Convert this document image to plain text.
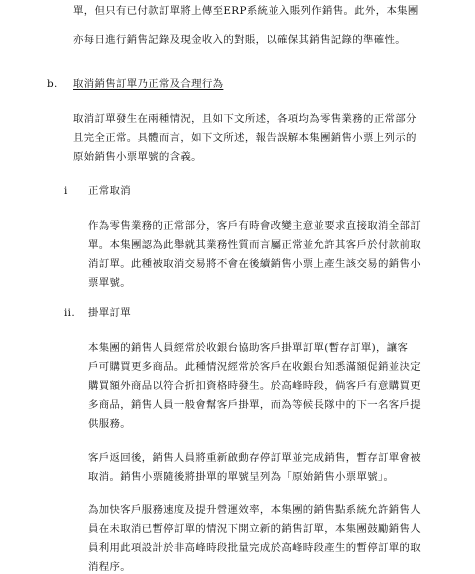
單，但只有已付款訂單將上傳至ERP系統並入賬列作銷售。此外，本集團
亦每日進行銷售記錄及現金收入的對賬，以確保其銷售記錄的準確性。
b. 取消銷售訂單乃正常及合理行為
取消訂單發生在兩種情況，且如下文所述，各項均為零售業務的正常部分
且完全正常。具體而言，如下文所述，報告誤解本集團銷售小票上列示的
原始銷售小票單號的含義。
i 正常取消
作為零售業務的正常部分，客戶有時會改變主意並要求直接取消全部訂
單。本集團認為此舉就其業務性質而言屬正常並允許其客戶於付款前取
消訂單。此種被取消交易將不會在後續銷售小票上產生該交易的銷售小
票單號。
ii. 掛單訂單
本集團的銷售人員經常於收銀台協助客戶掛單訂單(暫存訂單)，讓客
戶可購買更多商品。此種情況經常於客戶在收銀台知悉滿額促銷並決定
購買額外商品以符合折扣資格時發生。於高峰時段，倘客戶有意購買更
多商品，銷售人員一般會幫客戶掛單，而為等候長隊中的下一名客戶提
供服務。
客戶返回後，銷售人員將重新啟動存停訂單並完成銷售，暫存訂單會被
取消。銷售小票隨後將掛單的單號呈列為「原始銷售小票單號」。
為加快客戶服務速度及提升營運效率，本集團的銷售點系統允許銷售人
員在未取消已暫停訂單的情況下開立新的銷售訂單，本集團鼓勵銷售人
員利用此項設計於非高峰時段批量完成於高峰時段產生的暫停訂單的取
消程序。
